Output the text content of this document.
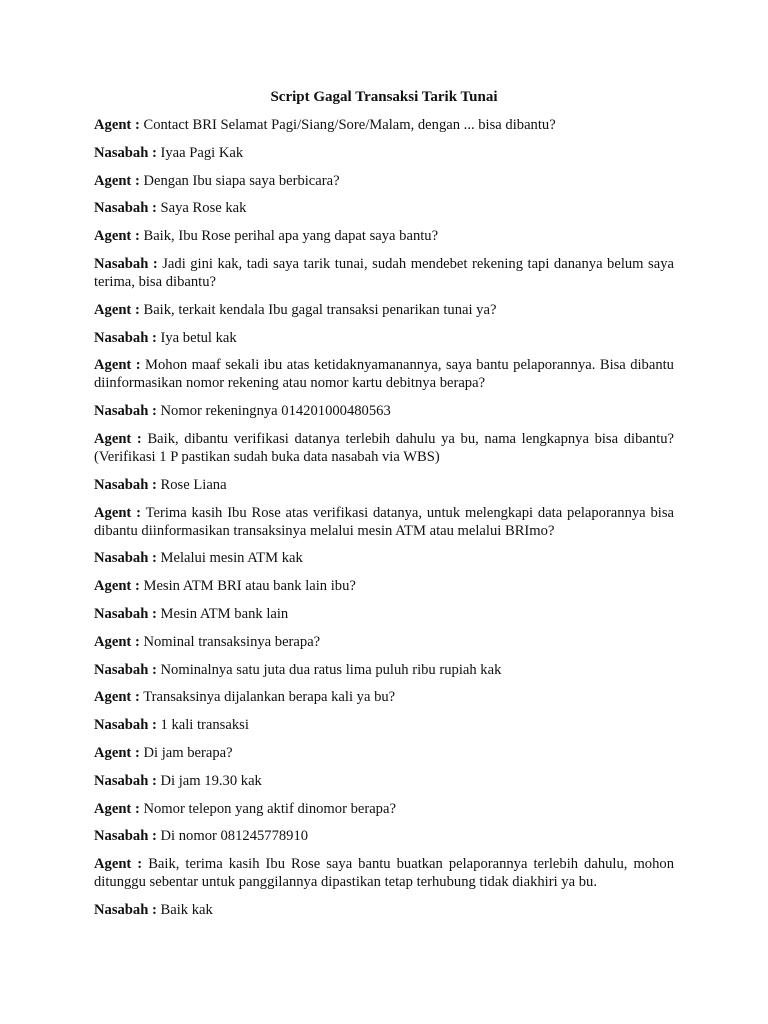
Script Gagal Transaksi Tarik Tunai
Agent : Contact BRI Selamat Pagi/Siang/Sore/Malam, dengan ... bisa dibantu?
Nasabah : Iyaa Pagi Kak
Agent : Dengan Ibu siapa saya berbicara?
Nasabah : Saya Rose kak
Agent : Baik, Ibu Rose perihal apa yang dapat saya bantu?
Nasabah : Jadi gini kak, tadi saya tarik tunai, sudah mendebet rekening tapi dananya belum saya terima, bisa dibantu?
Agent : Baik, terkait kendala Ibu gagal transaksi penarikan tunai ya?
Nasabah : Iya betul kak
Agent : Mohon maaf sekali ibu atas ketidaknyamanannya, saya bantu pelaporannya. Bisa dibantu diinformasikan nomor rekening atau nomor kartu debitnya berapa?
Nasabah : Nomor rekeningnya 014201000480563
Agent : Baik, dibantu verifikasi datanya terlebih dahulu ya bu, nama lengkapnya bisa dibantu? (Verifikasi 1 P pastikan sudah buka data nasabah via WBS)
Nasabah : Rose Liana
Agent : Terima kasih Ibu Rose atas verifikasi datanya, untuk melengkapi data pelaporannya bisa dibantu diinformasikan transaksinya melalui mesin ATM atau melalui BRImo?
Nasabah : Melalui mesin ATM kak
Agent : Mesin ATM BRI atau bank lain ibu?
Nasabah : Mesin ATM bank lain
Agent : Nominal transaksinya berapa?
Nasabah : Nominalnya satu juta dua ratus lima puluh ribu rupiah kak
Agent : Transaksinya dijalankan berapa kali ya bu?
Nasabah : 1 kali transaksi
Agent : Di jam berapa?
Nasabah : Di jam 19.30 kak
Agent : Nomor telepon yang aktif dinomor berapa?
Nasabah : Di nomor 081245778910
Agent : Baik, terima kasih Ibu Rose saya bantu buatkan pelaporannya terlebih dahulu, mohon ditunggu sebentar untuk panggilannya dipastikan tetap terhubung tidak diakhiri ya bu.
Nasabah : Baik kak
